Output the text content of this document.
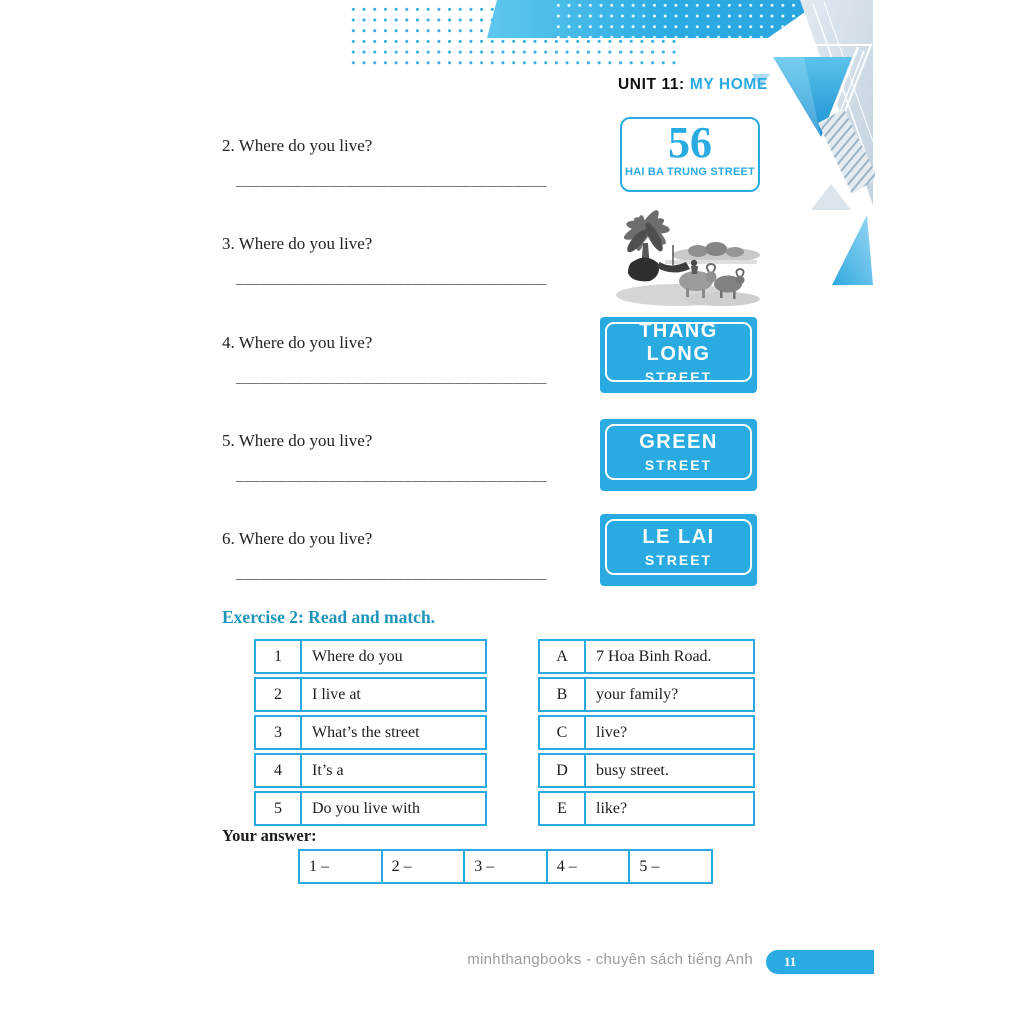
UNIT 11: MY HOME
2. Where do you live?
_____________________________________
3. Where do you live?
_____________________________________
4. Where do you live?
_____________________________________
5. Where do you live?
_____________________________________
6. Where do you live?
_____________________________________
56
HAI BA TRUNG STREET
THANG LONG
STREET
GREEN
STREET
LE LAI
STREET
Exercise 2: Read and match.
1	Where do you
2	I live at
3	What’s the street
4	It’s a
5	Do you live with
A	7 Hoa Binh Road.
B	your family?
C	live?
D	busy street.
E	like?
Your answer:
1 –	2 –	3 –	4 –	5 –
minhthangbooks - chuyên sách tiếng Anh	11
